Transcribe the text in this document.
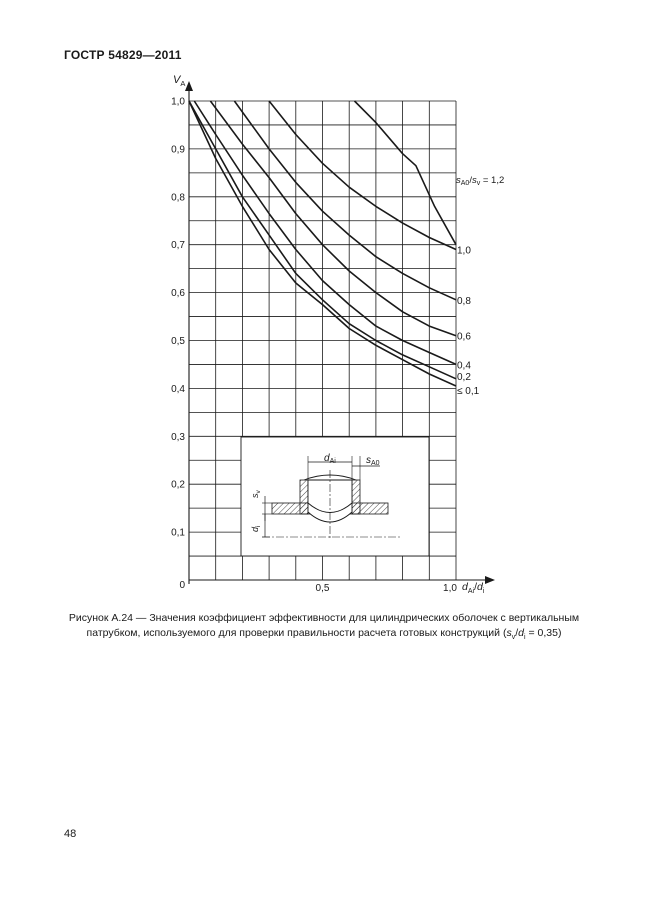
ГОСТР 54829—2011
0,1
0,2
0,3
0,4
0,5
0,6
0,7
0,8
0,9
1,0
0,5	1,0
0
$d_{Ai}$	$s_{A0}$
$s_v$
$d_i$
≤ 0,1
0,2
0,4
0,6
0,8
1,0
$V_A$
$d_{Ai}/d_i$
$s_{A0}/s_v = 1,2$
Рисунок А.24 — Значения коэффициент эффективности для цилиндрических оболочек с вертикальным
патрубком, используемого для проверки правильности расчета готовых конструкций $(s_v/d_i = 0,35)$
48
